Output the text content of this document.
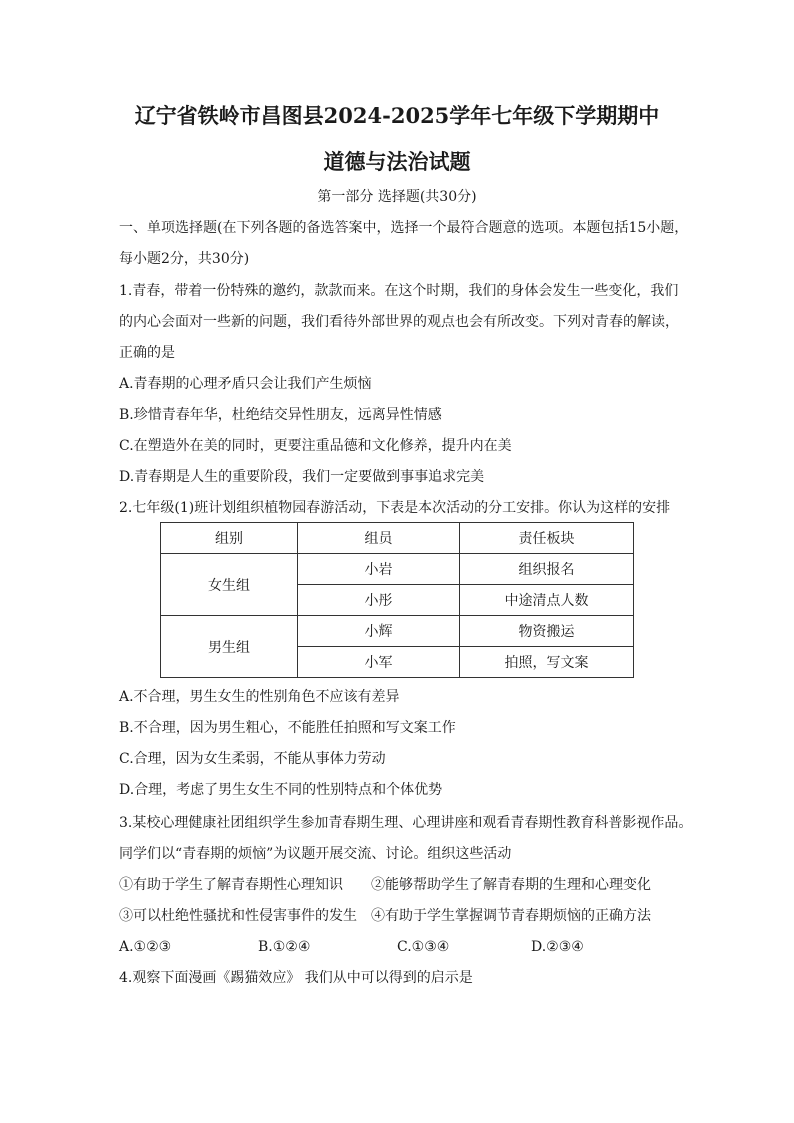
辽宁省铁岭市昌图县2024-2025学年七年级下学期期中
道德与法治试题
第一部分 选择题(共30分)
一、单项选择题(在下列各题的备选答案中，选择一个最符合题意的选项。本题包括15小题，
每小题2分，共30分)
1.青春，带着一份特殊的邀约，款款而来。在这个时期，我们的身体会发生一些变化，我们
的内心会面对一些新的问题，我们看待外部世界的观点也会有所改变。下列对青春的解读，
正确的是
A.青春期的心理矛盾只会让我们产生烦恼
B.珍惜青春年华，杜绝结交异性朋友，远离异性情感
C.在塑造外在美的同时，更要注重品德和文化修养，提升内在美
D.青春期是人生的重要阶段，我们一定要做到事事追求完美
2.七年级(1)班计划组织植物园春游活动，下表是本次活动的分工安排。你认为这样的安排
组别	组员	责任板块
女生组	小岩	组织报名
	小彤	中途清点人数
男生组	小辉	物资搬运
	小军	拍照，写文案
A.不合理，男生女生的性别角色不应该有差异
B.不合理，因为男生粗心，不能胜任拍照和写文案工作
C.合理，因为女生柔弱，不能从事体力劳动
D.合理，考虑了男生女生不同的性别特点和个体优势
3.某校心理健康社团组织学生参加青春期生理、心理讲座和观看青春期性教育科普影视作品。
同学们以“青春期的烦恼”为议题开展交流、讨论。组织这些活动
①有助于学生了解青春期性心理知识 ②能够帮助学生了解青春期的生理和心理变化
③可以杜绝性骚扰和性侵害事件的发生 ④有助于学生掌握调节青春期烦恼的正确方法
A.①②③	B.①②④	C.①③④	D.②③④
4.观察下面漫画《踢猫效应》 我们从中可以得到的启示是
